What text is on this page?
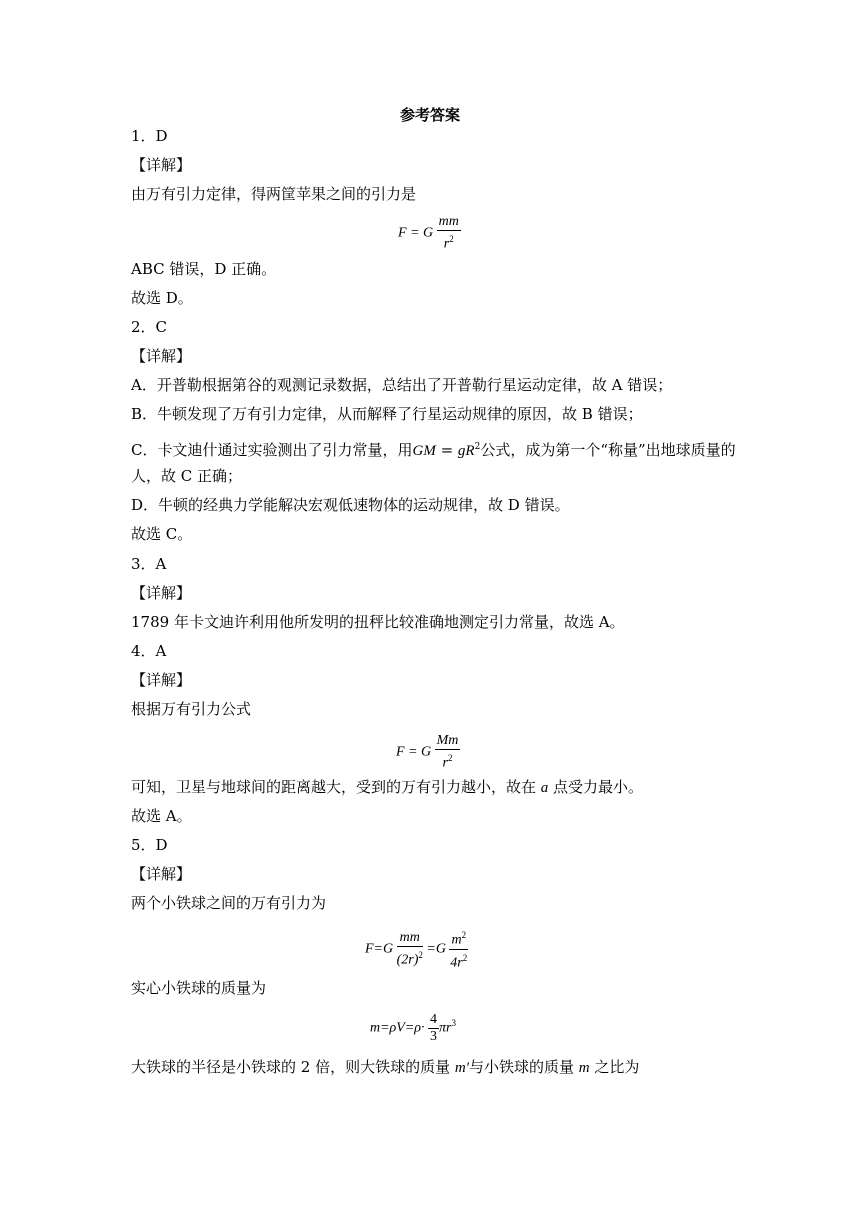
参考答案
1．D
【详解】
由万有引力定律，得两筐苹果之间的引力是
ABC 错误，D 正确。
故选 D。
2．C
【详解】
A．开普勒根据第谷的观测记录数据，总结出了开普勒行星运动定律，故 A 错误；
B．牛顿发现了万有引力定律，从而解释了行星运动规律的原因，故 B 错误；
人，故 C 正确；
D．牛顿的经典力学能解决宏观低速物体的运动规律，故 D 错误。
故选 C。
3．A
【详解】
1789 年卡文迪许利用他所发明的扭秤比较准确地测定引力常量，故选 A。
4．A
【详解】
根据万有引力公式
故选 A。
5．D
【详解】
两个小铁球之间的万有引力为
实心小铁球的质量为
C．卡文迪什通过实验测出了引力常量，用GM = $gR^2$公式，成为第一个“称量”出地球质量的
可知，卫星与地球间的距离越大，受到的万有引力越小，故在 a 点受力最小。
大铁球的半径是小铁球的 2 倍，则大铁球的质量 m′与小铁球的质量 m 之比为
F = G $\frac{mm}{r^2}$
F = G $\frac{Mm}{r^2}$
$F=G \frac{mm}{(2r)^2} =G \frac{m^2}{4r^2}$
$m=\rho V=\rho\cdot \frac{4}{3} \pi r^3$
